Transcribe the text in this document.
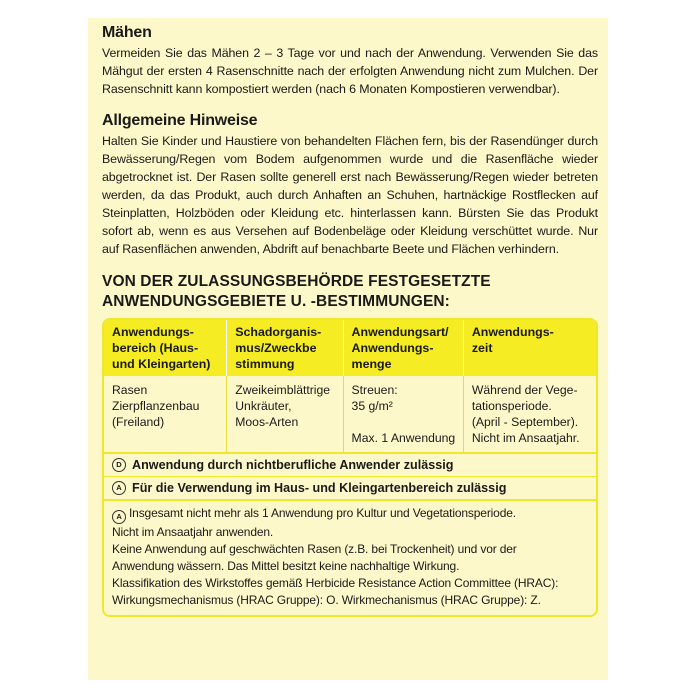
Mähen

Vermeiden Sie das Mähen 2 – 3 Tage vor und nach der Anwendung. Verwenden Sie das Mähgut der ersten 4 Rasenschnitte nach der erfolgten Anwendung nicht zum Mulchen. Der Rasenschnitt kann kompostiert werden (nach 6 Monaten Kompostieren verwendbar).

Allgemeine Hinweise

Halten Sie Kinder und Haustiere von behandelten Flächen fern, bis der Rasendünger durch Bewässerung/Regen vom Bodem aufgenommen wurde und die Rasenfläche wieder abgetrocknet ist. Der Rasen sollte generell erst nach Bewässerung/Regen wieder betreten werden, da das Produkt, auch durch Anhaften an Schuhen, hartnäckige Rostflecken auf Steinplatten, Holzböden oder Kleidung etc. hinterlassen kann. Bürsten Sie das Produkt sofort ab, wenn es aus Versehen auf Bodenbeläge oder Kleidung verschüttet wurde. Nur auf Rasenflächen anwenden, Abdrift auf benachbarte Beete und Flächen verhindern.

VON DER ZULASSUNGSBEHÖRDE FESTGESETZTE
ANWENDUNGSGEBIETE U. -BESTIMMUNGEN:
Anwendungs-
bereich (Haus-
und Kleingarten)
Schadorganis-
mus/Zweckbe
stimmung
Anwendungsart/
Anwendungs-
menge
Anwendungs-
zeit
Rasen
Zierpflanzenbau
(Freiland)
Zweikeimblättrige
Unkräuter,
Moos-Arten
Streuen:
35 g/m²
Max. 1 Anwendung
Während der Vege-
tationsperiode.
(April - September).
Nicht im Ansaatjahr.
D Anwendung durch nichtberufliche Anwender zulässig
A Für die Verwendung im Haus- und Kleingartenbereich zulässig
A Insgesamt nicht mehr als 1 Anwendung pro Kultur und Vegetationsperiode.
Nicht im Ansaatjahr anwenden.
Keine Anwendung auf geschwächten Rasen (z.B. bei Trockenheit) und vor der
Anwendung wässern. Das Mittel besitzt keine nachhaltige Wirkung.
Klassifikation des Wirkstoffes gemäß Herbicide Resistance Action Committee (HRAC):
Wirkungsmechanismus (HRAC Gruppe): O. Wirkmechanismus (HRAC Gruppe): Z.
